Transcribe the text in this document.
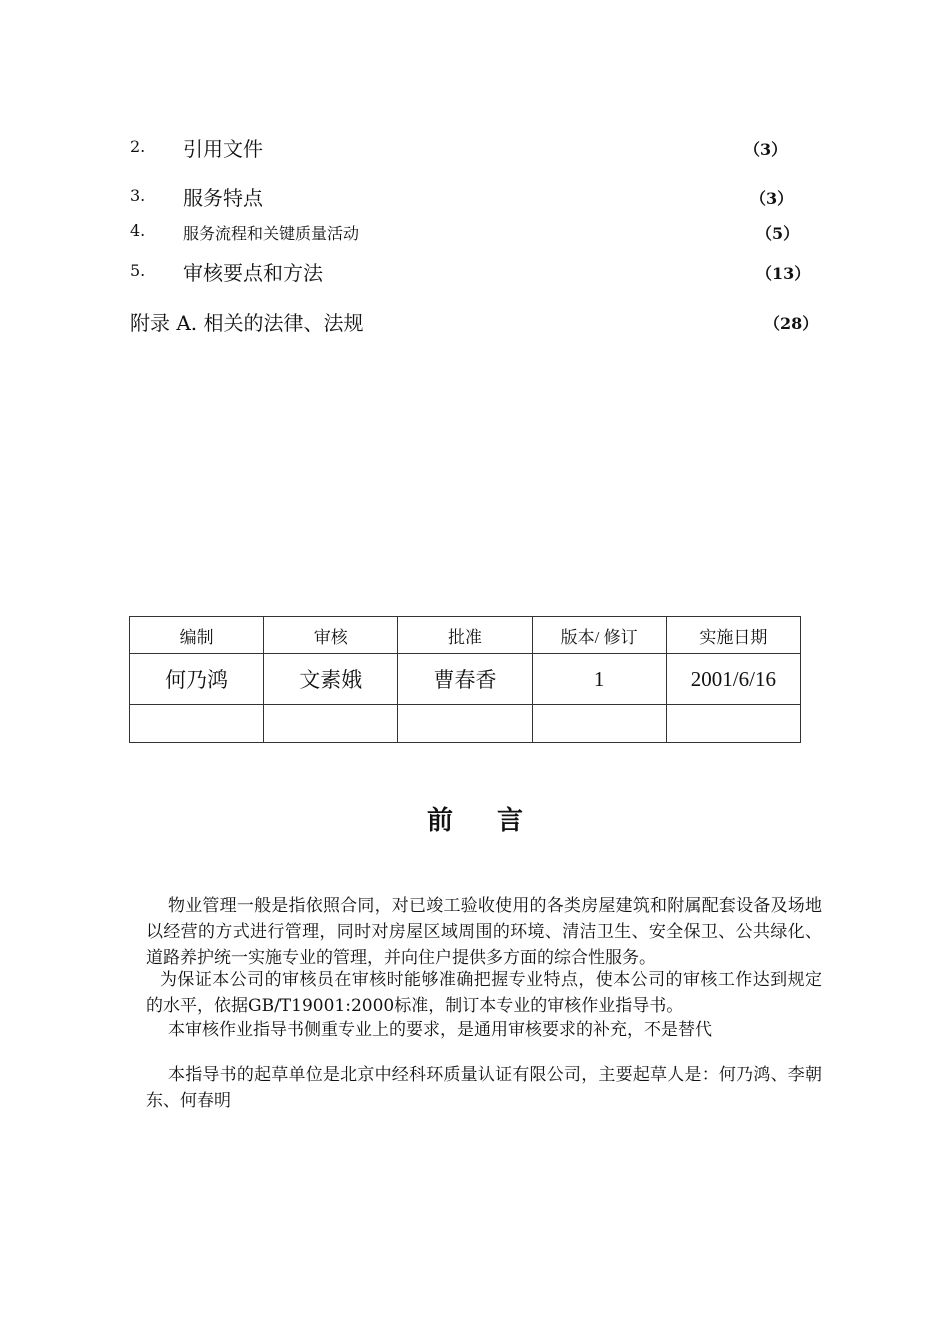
2. 引用文件	（3）
3. 服务特点	（3）
4. 服务流程和关键质量活动	（5）
5. 审核要点和方法	（13）
附录 A. 相关的法律、法规	（28）
编制	审核	批准	版本/ 修订	实施日期
何乃鸿	文素娥	曹春香	1	2001/6/16

前言
物业管理一般是指依照合同，对已竣工验收使用的各类房屋建筑和附属配套设备及场地以经营的方式进行管理，同时对房屋区域周围的环境、清洁卫生、安全保卫、公共绿化、道路养护统一实施专业的管理，并向住户提供多方面的综合性服务。
为保证本公司的审核员在审核时能够准确把握专业特点，使本公司的审核工作达到规定的水平，依据GB/T19001:2000标准，制订本专业的审核作业指导书。
本审核作业指导书侧重专业上的要求，是通用审核要求的补充，不是替代
本指导书的起草单位是北京中经科环质量认证有限公司，主要起草人是：何乃鸿、李朝东、何春明
